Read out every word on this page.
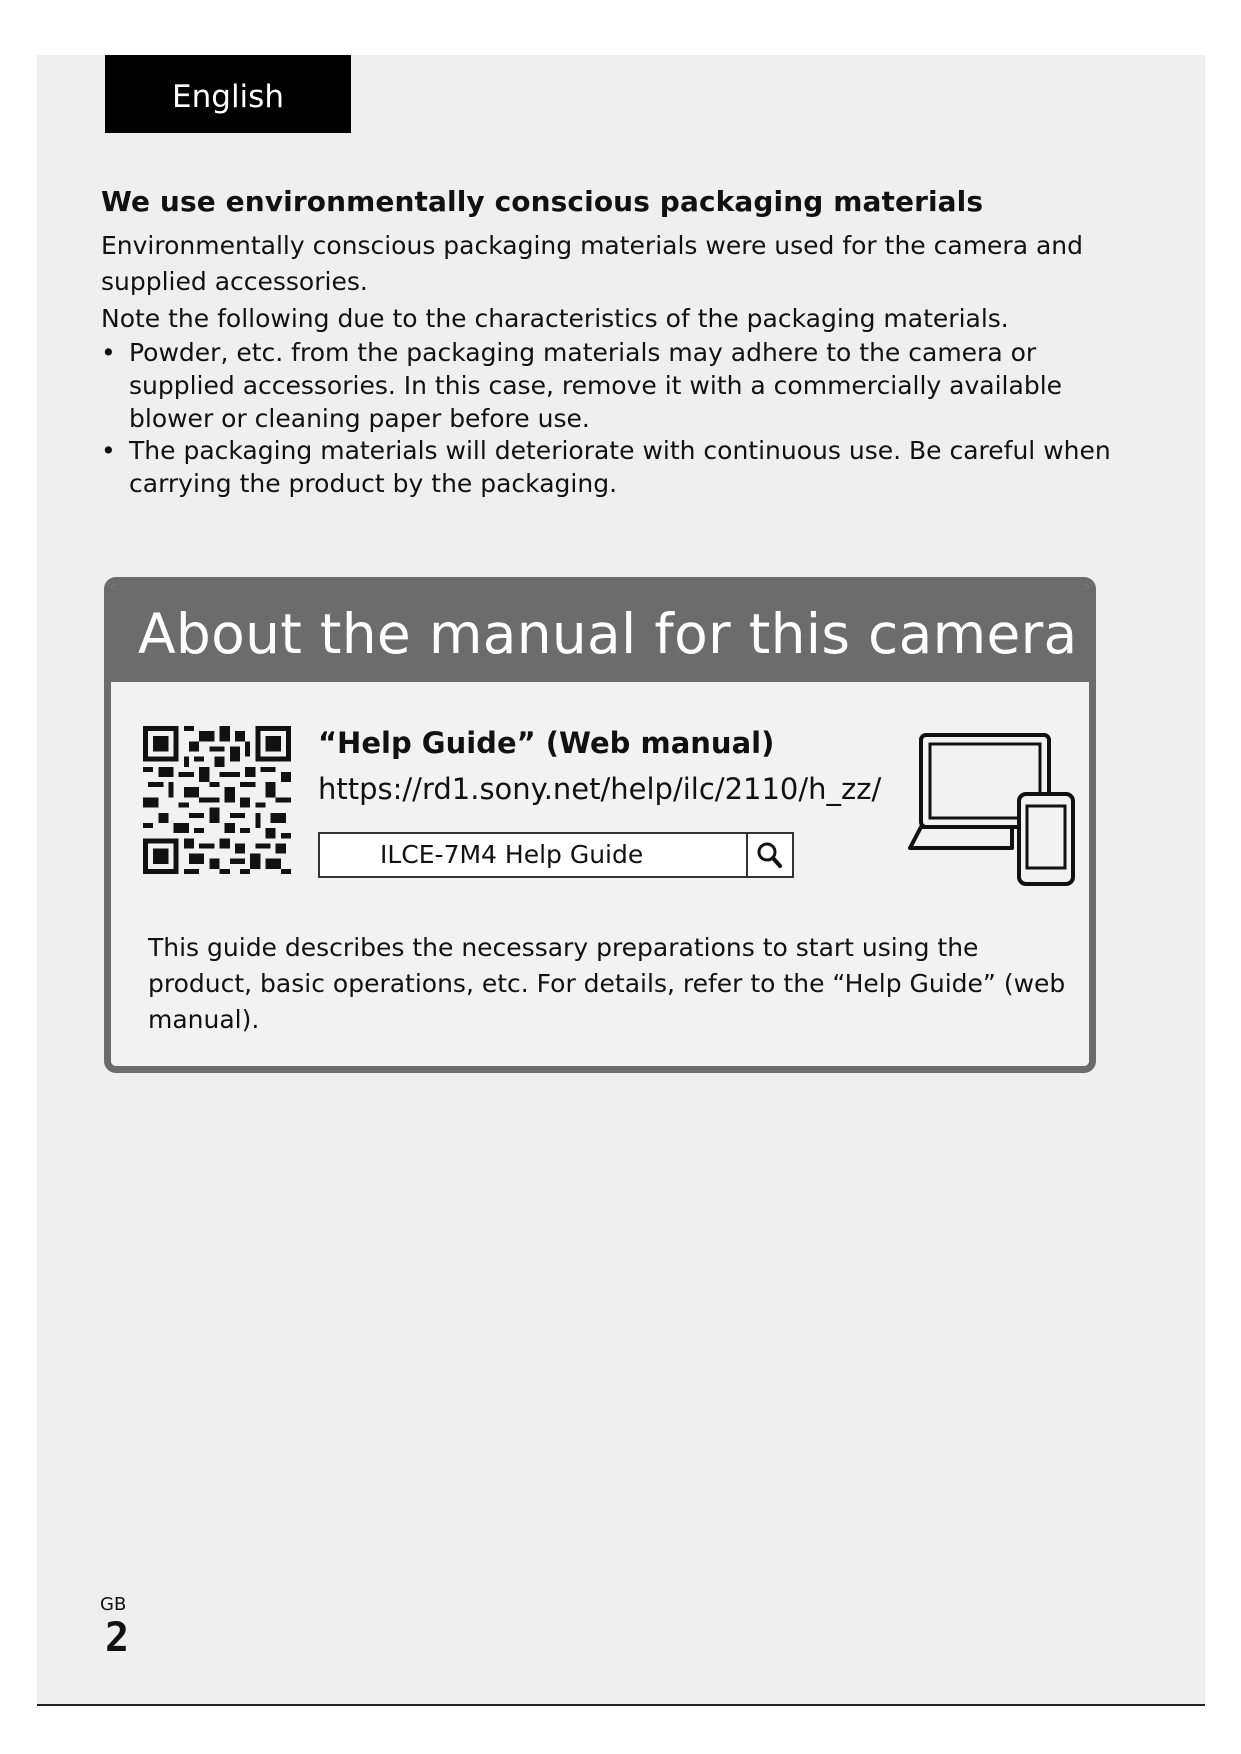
English
We use environmentally conscious packaging materials

Environmentally conscious packaging materials were used for the camera and supplied accessories.

Note the following due to the characteristics of the packaging materials.

• Powder, etc. from the packaging materials may adhere to the camera or supplied accessories. In this case, remove it with a commercially available blower or cleaning paper before use.
• The packaging materials will deteriorate with continuous use. Be careful when carrying the product by the packaging.
About the manual for this camera
“Help Guide” (Web manual)
https://rd1.sony.net/help/ilc/2110/h_zz/
ILCE-7M4 Help Guide

This guide describes the necessary preparations to start using the product, basic operations, etc. For details, refer to the “Help Guide” (web manual).

GB
2
